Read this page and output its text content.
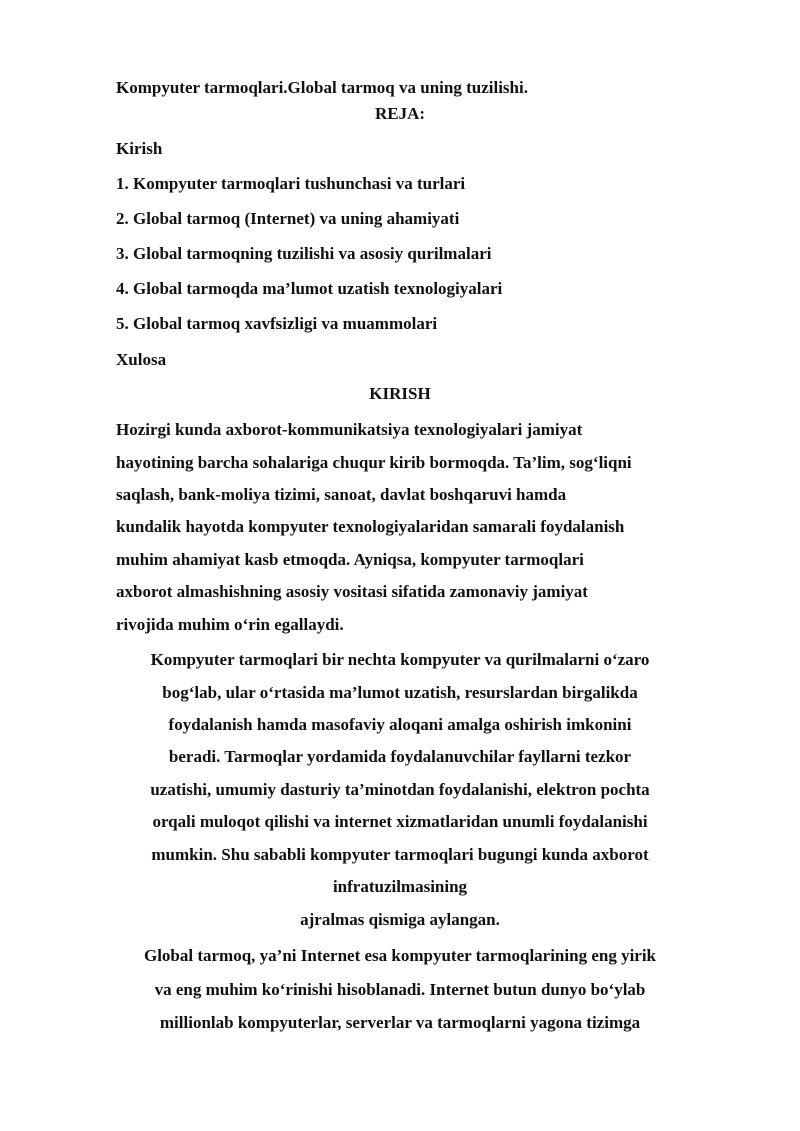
Kompyuter tarmoqlari.Global tarmoq va uning tuzilishi.

REJA:

Kirish

1. Kompyuter tarmoqlari tushunchasi va turlari

2. Global tarmoq (Internet) va uning ahamiyati

3. Global tarmoqning tuzilishi va asosiy qurilmalari

4. Global tarmoqda ma’lumot uzatish texnologiyalari

5. Global tarmoq xavfsizligi va muammolari

Xulosa

KIRISH

Hozirgi kunda axborot-kommunikatsiya texnologiyalari jamiyat

hayotining barcha sohalariga chuqur kirib bormoqda. Ta’lim, sog‘liqni

saqlash, bank-moliya tizimi, sanoat, davlat boshqaruvi hamda

kundalik hayotda kompyuter texnologiyalaridan samarali foydalanish

muhim ahamiyat kasb etmoqda. Ayniqsa, kompyuter tarmoqlari

axborot almashishning asosiy vositasi sifatida zamonaviy jamiyat

rivojida muhim o‘rin egallaydi.

Kompyuter tarmoqlari bir nechta kompyuter va qurilmalarni o‘zaro

bog‘lab, ular o‘rtasida ma’lumot uzatish, resurslardan birgalikda

foydalanish hamda masofaviy aloqani amalga oshirish imkonini

beradi. Tarmoqlar yordamida foydalanuvchilar fayllarni tezkor

uzatishi, umumiy dasturiy ta’minotdan foydalanishi, elektron pochta

orqali muloqot qilishi va internet xizmatlaridan unumli foydalanishi

mumkin. Shu sababli kompyuter tarmoqlari bugungi kunda axborot

infratuzilmasining

ajralmas qismiga aylangan.

Global tarmoq, ya’ni Internet esa kompyuter tarmoqlarining eng yirik

va eng muhim ko‘rinishi hisoblanadi. Internet butun dunyo bo‘ylab

millionlab kompyuterlar, serverlar va tarmoqlarni yagona tizimga
